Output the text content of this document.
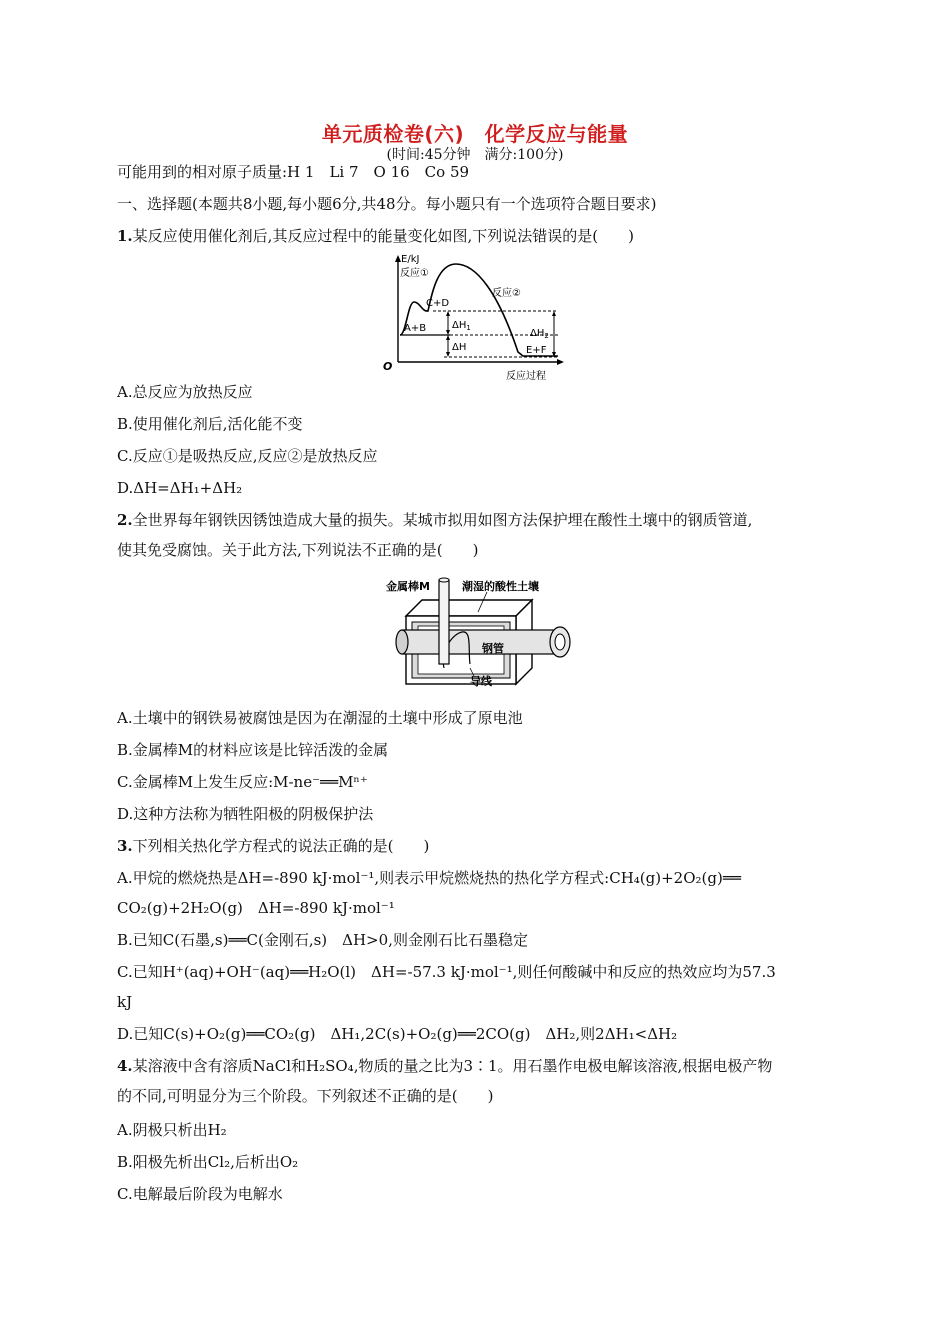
单元质检卷(六)　化学反应与能量
(时间:45分钟　满分:100分)
可能用到的相对原子质量:H 1　Li 7　O 16　Co 59
一、选择题(本题共8小题,每小题6分,共48分。每小题只有一个选项符合题目要求)
1.某反应使用催化剂后,其反应过程中的能量变化如图,下列说法错误的是(　　)
E/kJ
反应①
反应②
C+D
A+B
E+F
$\Delta H_1$
ΔH
$\Delta H_2$
O
反应过程
A.总反应为放热反应
B.使用催化剂后,活化能不变
C.反应①是吸热反应,反应②是放热反应
D.ΔH=ΔH₁+ΔH₂
2.全世界每年钢铁因锈蚀造成大量的损失。某城市拟用如图方法保护埋在酸性土壤中的钢质管道,
使其免受腐蚀。关于此方法,下列说法不正确的是(　　)
金属棒M	潮湿的酸性土壤
钢管
导线
A.土壤中的钢铁易被腐蚀是因为在潮湿的土壤中形成了原电池
B.金属棒M的材料应该是比锌活泼的金属
C.金属棒M上发生反应:M-ne⁻══Mⁿ⁺
D.这种方法称为牺牲阳极的阴极保护法
3.下列相关热化学方程式的说法正确的是(　　)
A.甲烷的燃烧热是ΔH=-890 kJ·mol⁻¹,则表示甲烷燃烧热的热化学方程式:CH₄(g)+2O₂(g)══
CO₂(g)+2H₂O(g)　ΔH=-890 kJ·mol⁻¹
B.已知C(石墨,s)══C(金刚石,s)　ΔH>0,则金刚石比石墨稳定
C.已知H⁺(aq)+OH⁻(aq)══H₂O(l)　ΔH=-57.3 kJ·mol⁻¹,则任何酸碱中和反应的热效应均为57.3
kJ
D.已知C(s)+O₂(g)══CO₂(g)　ΔH₁,2C(s)+O₂(g)══2CO(g)　ΔH₂,则2ΔH₁<ΔH₂
4.某溶液中含有溶质NaCl和H₂SO₄,物质的量之比为3∶1。用石墨作电极电解该溶液,根据电极产物
的不同,可明显分为三个阶段。下列叙述不正确的是(　　)
A.阴极只析出H₂
B.阳极先析出Cl₂,后析出O₂
C.电解最后阶段为电解水
